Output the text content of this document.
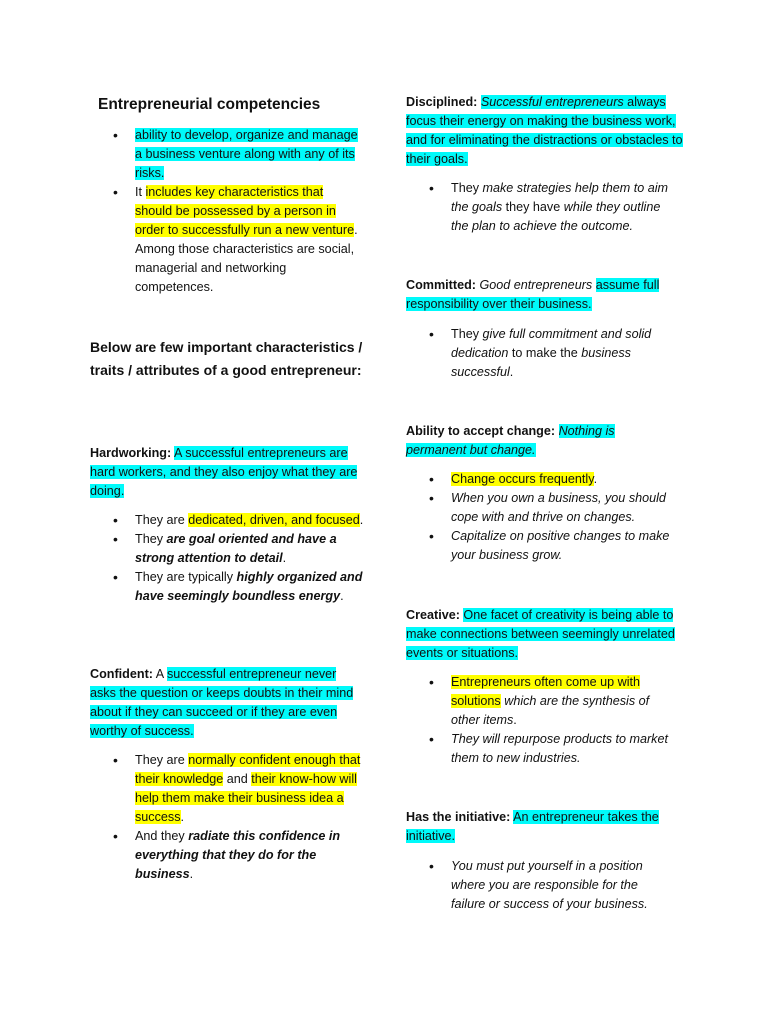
Entrepreneurial competencies
• ability to develop, organize and manage a business venture along with any of its risks.
• It includes key characteristics that should be possessed by a person in order to successfully run a new venture. Among those characteristics are social, managerial and networking competences.
Below are few important characteristics / traits / attributes of a good entrepreneur:

Hardworking: A successful entrepreneurs are hard workers, and they also enjoy what they are doing.

• They are dedicated, driven, and focused.
• They are goal oriented and have a strong attention to detail.
• They are typically highly organized and have seemingly boundless energy.

Confident: A successful entrepreneur never asks the question or keeps doubts in their mind about if they can succeed or if they are even worthy of success.

• They are normally confident enough that their knowledge and their know-how will help them make their business idea a success.
• And they radiate this confidence in everything that they do for the business.

Disciplined: Successful entrepreneurs always focus their energy on making the business work, and for eliminating the distractions or obstacles to their goals.

• They make strategies help them to aim the goals they have while they outline the plan to achieve the outcome.

Committed: Good entrepreneurs assume full responsibility over their business.

• They give full commitment and solid dedication to make the business successful.

Ability to accept change: Nothing is permanent but change.

• Change occurs frequently.
• When you own a business, you should cope with and thrive on changes.
• Capitalize on positive changes to make your business grow.

Creative: One facet of creativity is being able to make connections between seemingly unrelated events or situations.

• Entrepreneurs often come up with solutions which are the synthesis of other items.
• They will repurpose products to market them to new industries.

Has the initiative: An entrepreneur takes the initiative.

• You must put yourself in a position where you are responsible for the failure or success of your business.
